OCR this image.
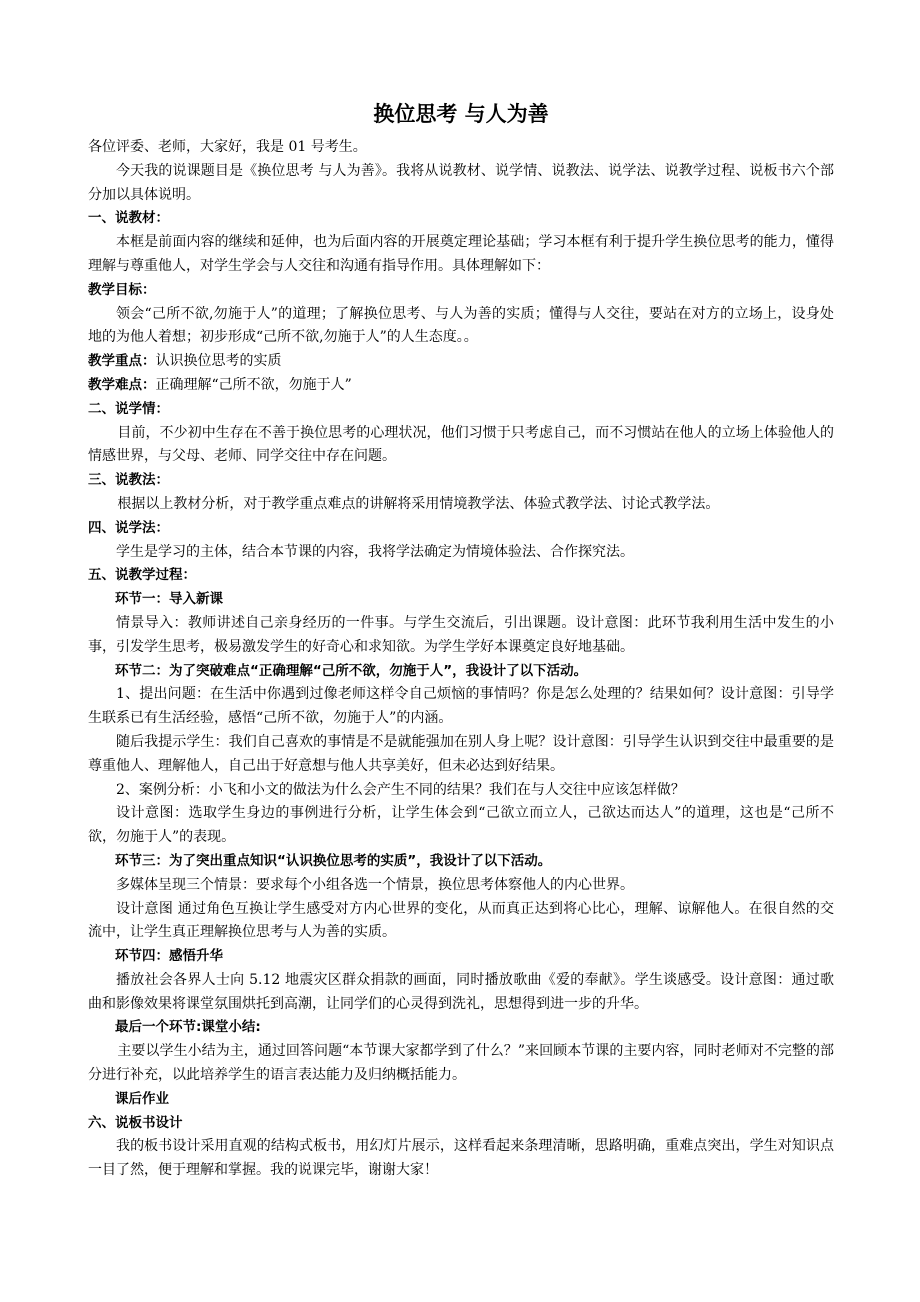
换位思考 与人为善

各位评委、老师，大家好，我是 01 号考生。

今天我的说课题目是《换位思考 与人为善》。我将从说教材、说学情、说教法、说学法、说教学过程、说板书六个部分加以具体说明。

一、说教材：

本框是前面内容的继续和延伸，也为后面内容的开展奠定理论基础；学习本框有利于提升学生换位思考的能力，懂得理解与尊重他人，对学生学会与人交往和沟通有指导作用。具体理解如下：

教学目标：

领会“己所不欲,勿施于人”的道理；了解换位思考、与人为善的实质；懂得与人交往，要站在对方的立场上，设身处地的为他人着想；初步形成“己所不欲,勿施于人”的人生态度。。

教学重点：认识换位思考的实质

教学难点：正确理解“己所不欲，勿施于人”

二、说学情：

目前，不少初中生存在不善于换位思考的心理状况，他们习惯于只考虑自己，而不习惯站在他人的立场上体验他人的情感世界，与父母、老师、同学交往中存在问题。

三、说教法：

根据以上教材分析，对于教学重点难点的讲解将采用情境教学法、体验式教学法、讨论式教学法。

四、说学法：

学生是学习的主体，结合本节课的内容，我将学法确定为情境体验法、合作探究法。

五、说教学过程：

环节一：导入新课

情景导入：教师讲述自己亲身经历的一件事。与学生交流后，引出课题。设计意图：此环节我利用生活中发生的小事，引发学生思考，极易激发学生的好奇心和求知欲。为学生学好本课奠定良好地基础。

环节二：为了突破难点“正确理解“己所不欲，勿施于人”，我设计了以下活动。

1、提出问题：在生活中你遇到过像老师这样令自己烦恼的事情吗？你是怎么处理的？结果如何？设计意图：引导学生联系已有生活经验，感悟“己所不欲，勿施于人”的内涵。

随后我提示学生：我们自己喜欢的事情是不是就能强加在别人身上呢？设计意图：引导学生认识到交往中最重要的是尊重他人、理解他人，自己出于好意想与他人共享美好，但未必达到好结果。

2、案例分析：小飞和小文的做法为什么会产生不同的结果？我们在与人交往中应该怎样做？

设计意图：选取学生身边的事例进行分析，让学生体会到“己欲立而立人，己欲达而达人”的道理，这也是“己所不欲，勿施于人”的表现。

环节三：为了突出重点知识“认识换位思考的实质”，我设计了以下活动。

多媒体呈现三个情景：要求每个小组各选一个情景，换位思考体察他人的内心世界。

设计意图 通过角色互换让学生感受对方内心世界的变化，从而真正达到将心比心，理解、谅解他人。在很自然的交流中，让学生真正理解换位思考与人为善的实质。

环节四：感悟升华

播放社会各界人士向 5.12 地震灾区群众捐款的画面，同时播放歌曲《爱的奉献》。学生谈感受。设计意图：通过歌曲和影像效果将课堂氛围烘托到高潮，让同学们的心灵得到洗礼，思想得到进一步的升华。

最后一个环节:课堂小结:

主要以学生小结为主，通过回答问题“本节课大家都学到了什么？”来回顾本节课的主要内容，同时老师对不完整的部分进行补充，以此培养学生的语言表达能力及归纳概括能力。

课后作业

六、说板书设计

我的板书设计采用直观的结构式板书，用幻灯片展示，这样看起来条理清晰，思路明确，重难点突出，学生对知识点一目了然，便于理解和掌握。我的说课完毕，谢谢大家！
